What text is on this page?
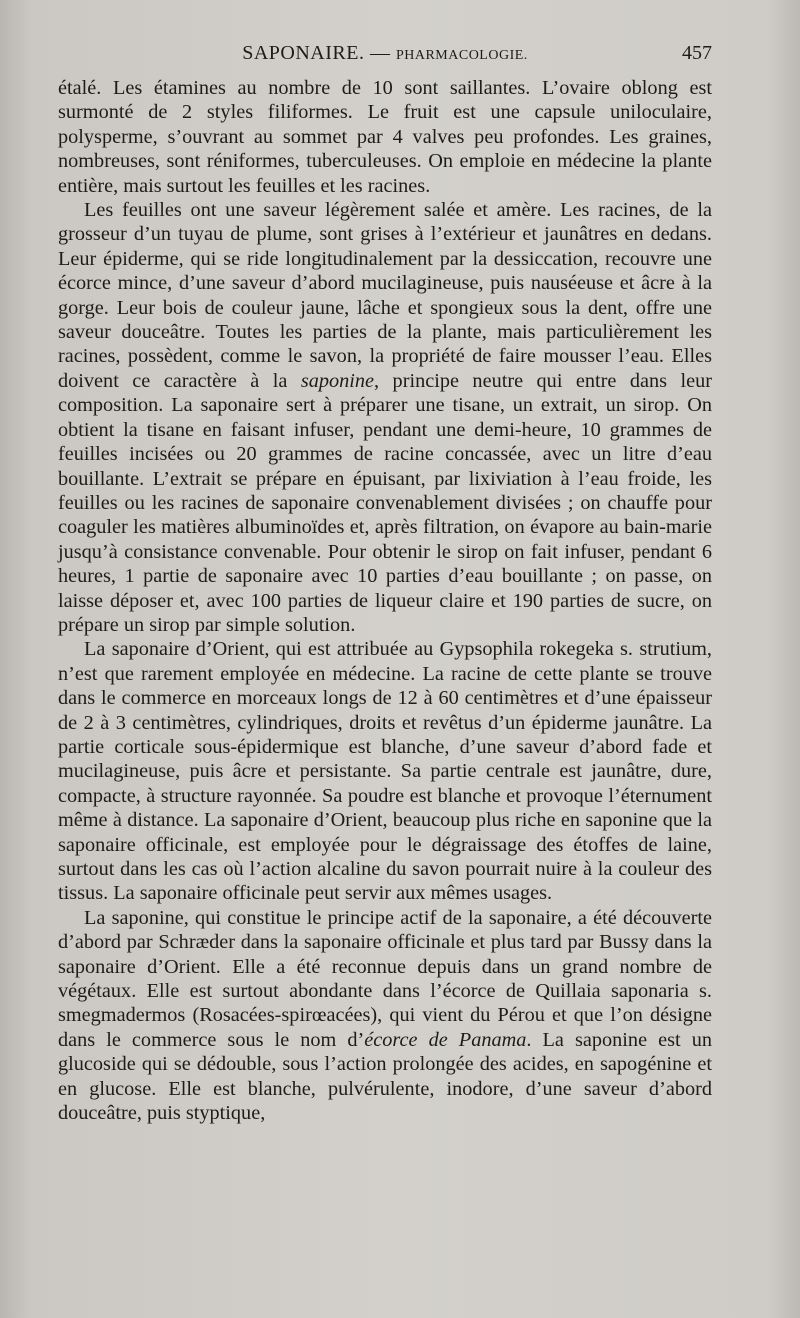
SAPONAIRE. — PHARMACOLOGIE.	457

étalé. Les étamines au nombre de 10 sont saillantes. L’ovaire oblong est surmonté de 2 styles filiformes. Le fruit est une capsule uniloculaire, polysperme, s’ouvrant au sommet par 4 valves peu profondes. Les graines, nombreuses, sont réniformes, tuberculeuses. On emploie en médecine la plante entière, mais surtout les feuilles et les racines.

Les feuilles ont une saveur légèrement salée et amère. Les racines, de la grosseur d’un tuyau de plume, sont grises à l’extérieur et jaunâtres en dedans. Leur épiderme, qui se ride longitudinalement par la dessiccation, recouvre une écorce mince, d’une saveur d’abord mucilagineuse, puis nauséeuse et âcre à la gorge. Leur bois de couleur jaune, lâche et spongieux sous la dent, offre une saveur douceâtre. Toutes les parties de la plante, mais particulièrement les racines, possèdent, comme le savon, la propriété de faire mousser l’eau. Elles doivent ce caractère à la saponine, principe neutre qui entre dans leur composition. La saponaire sert à préparer une tisane, un extrait, un sirop. On obtient la tisane en faisant infuser, pendant une demi-heure, 10 grammes de feuilles incisées ou 20 grammes de racine concassée, avec un litre d’eau bouillante. L’extrait se prépare en épuisant, par lixiviation à l’eau froide, les feuilles ou les racines de saponaire convenablement divisées ; on chauffe pour coaguler les matières albuminoïdes et, après filtration, on évapore au bain-marie jusqu’à consistance convenable. Pour obtenir le sirop on fait infuser, pendant 6 heures, 1 partie de saponaire avec 10 parties d’eau bouillante ; on passe, on laisse déposer et, avec 100 parties de liqueur claire et 190 parties de sucre, on prépare un sirop par simple solution.

La saponaire d’Orient, qui est attribuée au Gypsophila rokegeka s. strutium, n’est que rarement employée en médecine. La racine de cette plante se trouve dans le commerce en morceaux longs de 12 à 60 centimètres et d’une épaisseur de 2 à 3 centimètres, cylindriques, droits et revêtus d’un épiderme jaunâtre. La partie corticale sous-épidermique est blanche, d’une saveur d’abord fade et mucilagineuse, puis âcre et persistante. Sa partie centrale est jaunâtre, dure, compacte, à structure rayonnée. Sa poudre est blanche et provoque l’éternument même à distance. La saponaire d’Orient, beaucoup plus riche en saponine que la saponaire officinale, est employée pour le dégraissage des étoffes de laine, surtout dans les cas où l’action alcaline du savon pourrait nuire à la couleur des tissus. La saponaire officinale peut servir aux mêmes usages.

La saponine, qui constitue le principe actif de la saponaire, a été découverte d’abord par Schræder dans la saponaire officinale et plus tard par Bussy dans la saponaire d’Orient. Elle a été reconnue depuis dans un grand nombre de végétaux. Elle est surtout abondante dans l’écorce de Quillaia saponaria s. smegmadermos (Rosacées-spirœacées), qui vient du Pérou et que l’on désigne dans le commerce sous le nom d’écorce de Panama. La saponine est un glucoside qui se dédouble, sous l’action prolongée des acides, en sapogénine et en glucose. Elle est blanche, pulvérulente, inodore, d’une saveur d’abord douceâtre, puis styptique,
